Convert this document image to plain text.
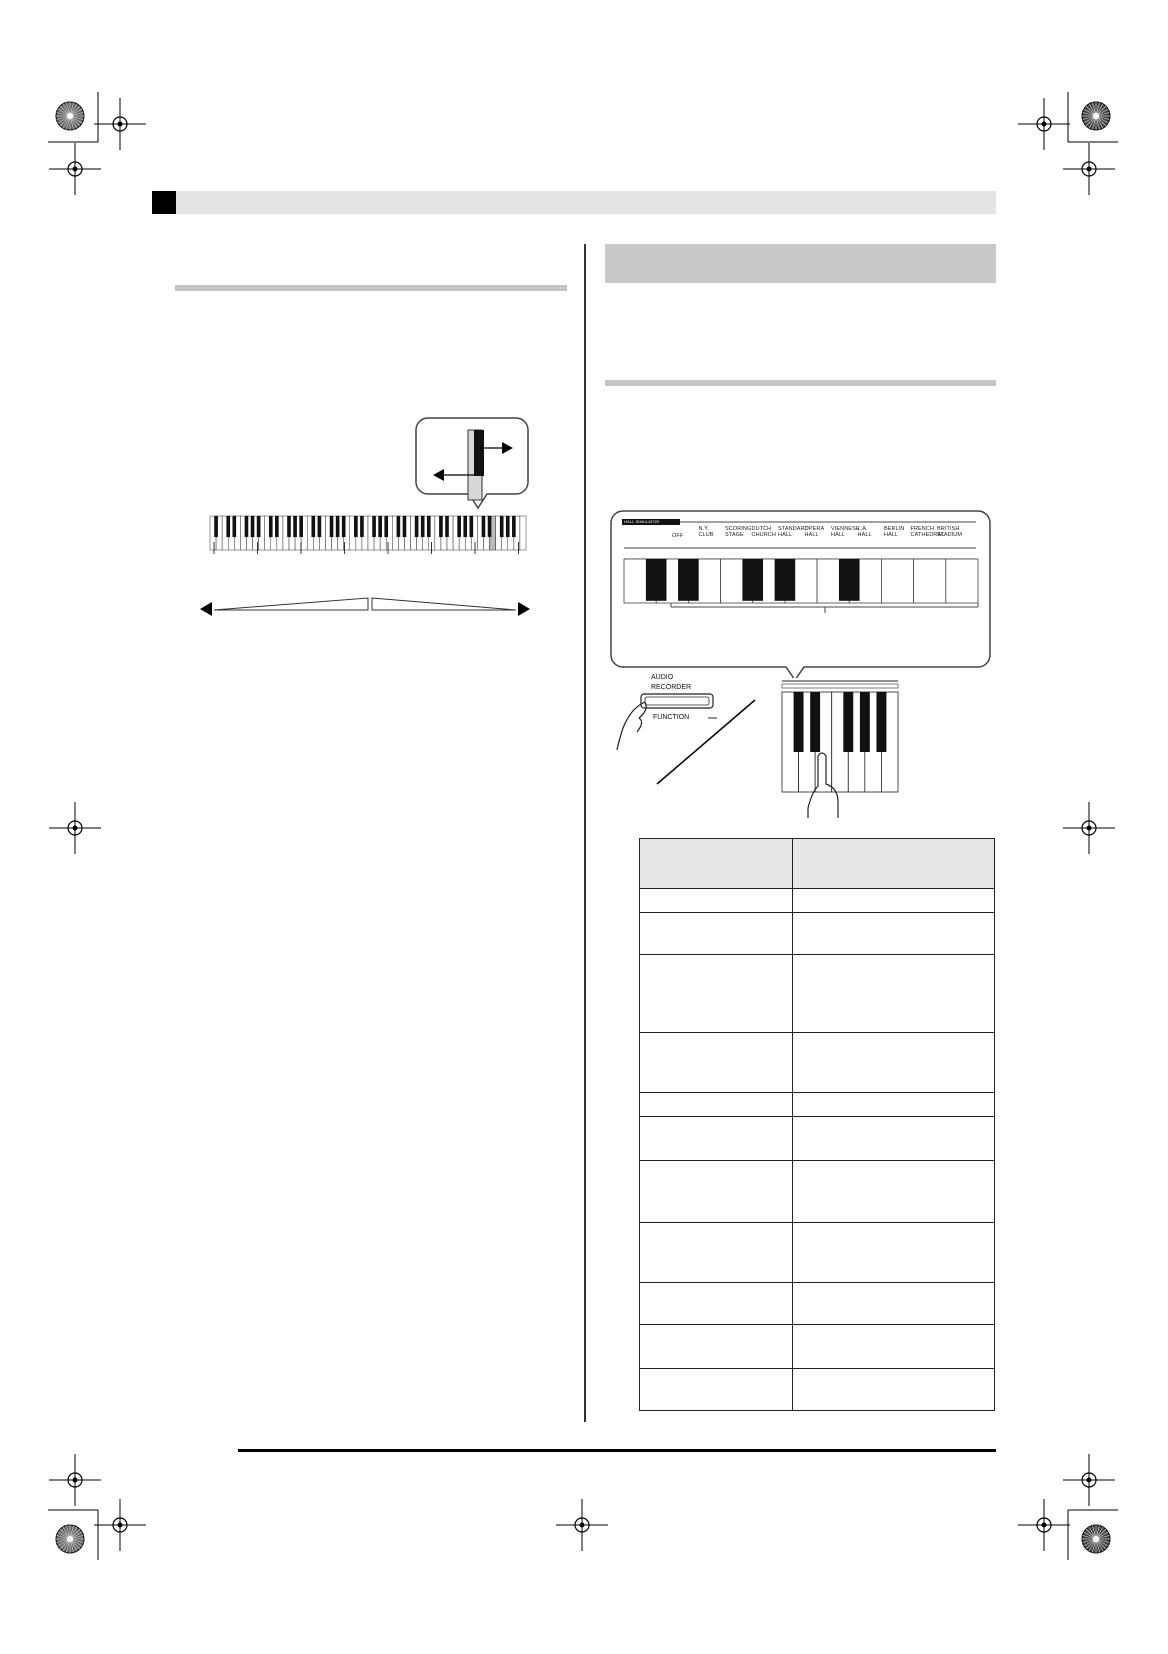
HALL SIMULATOR
OFF
N.Y.
CLUB
SCORING
STAGE
DUTCH
CHURCH
STANDARD
HALL
OPERA
HALL
VIENNESE
HALL
L.A.
HALL
BERLIN
HALL
FRENCH
CATHEDRAL
BRITISH
STADIUM
AUDIO
RECORDER
FUNCTION
